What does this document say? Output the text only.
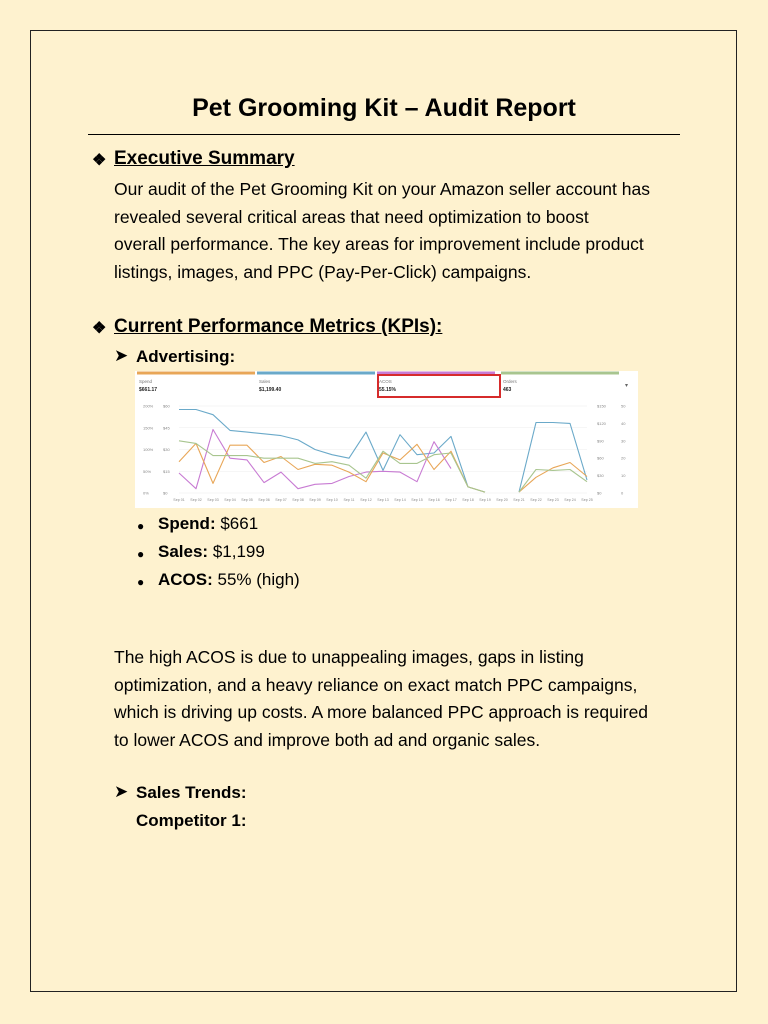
Pet Grooming Kit – Audit Report
❖ Executive Summary
Our audit of the Pet Grooming Kit on your Amazon seller account has
revealed several critical areas that need optimization to boost
overall performance. The key areas for improvement include product
listings, images, and PPC (Pay-Per-Click) campaigns.
❖ Current Performance Metrics (KPIs):
➤ Advertising:
Spend
$661.17
Sales
$1,199.40
ACOS
55.15%
Orders
463
▾
200% $60
150% $45
100% $30
50%	$15
0%	$0
$150
$120
$90
$60
$30
$0
50
40
30
20
10
0
Sep 01 Sep 02 Sep 03 Sep 04 Sep 05 Sep 06 Sep 07 Sep 08 Sep 09 Sep 10 Sep 11 Sep 12 Sep 13 Sep 14 Sep 15 Sep 16 Sep 17 Sep 18 Sep 19 Sep 20 Sep 21 Sep 22 Sep 23 Sep 24 Sep 25
● Spend: $661
● Sales: $1,199
● ACOS: 55% (high)
The high ACOS is due to unappealing images, gaps in listing
optimization, and a heavy reliance on exact match PPC campaigns,
which is driving up costs. A more balanced PPC approach is required
to lower ACOS and improve both ad and organic sales.
➤ Sales Trends:
Competitor 1:
